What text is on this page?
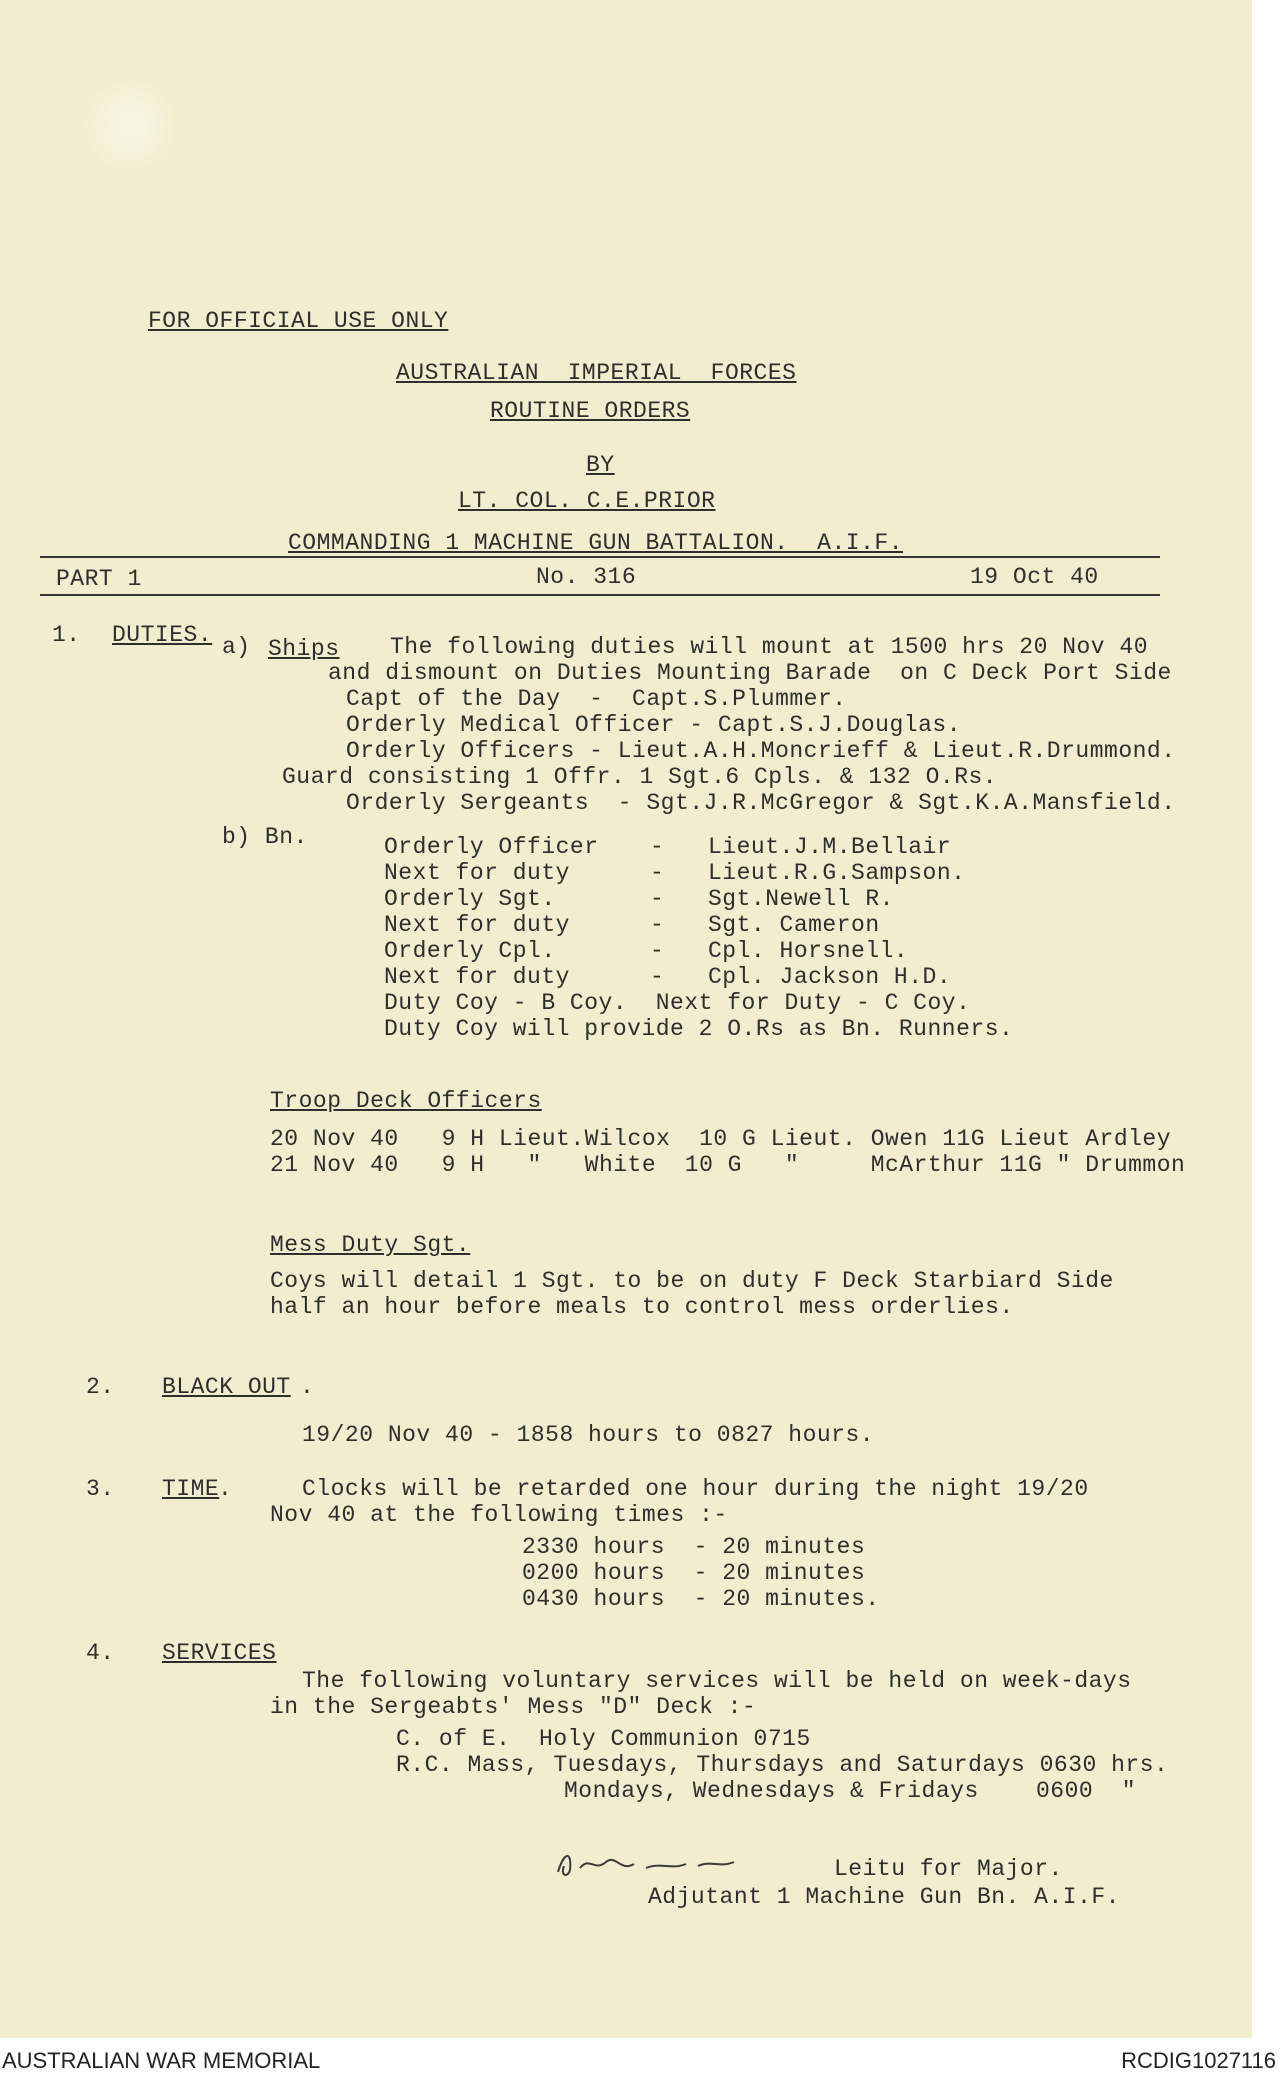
FOR OFFICIAL USE ONLY
AUSTRALIAN  IMPERIAL  FORCES
ROUTINE ORDERS
BY
LT. COL. C.E.PRIOR
COMMANDING 1 MACHINE GUN BATTALION.  A.I.F.
PART 1	No. 316	19 Oct 40
1. DUTIES. a) Ships The following duties will mount at 1500 hrs 20 Nov 40
and dismount on Duties Mounting Barade  on C Deck Port Side
Capt of the Day  -  Capt.S.Plummer.
Orderly Medical Officer - Capt.S.J.Douglas.
Orderly Officers - Lieut.A.H.Moncrieff & Lieut.R.Drummond.
Guard consisting 1 Offr. 1 Sgt.6 Cpls. & 132 O.Rs.
Orderly Sergeants  - Sgt.J.R.McGregor & Sgt.K.A.Mansfield.
b) Bn.	Orderly Officer - Lieut.J.M.Bellair
Next for duty	- Lieut.R.G.Sampson.
Orderly Sgt.	- Sgt.Newell R.
Next for duty	- Sgt. Cameron
Orderly Cpl.	- Cpl. Horsnell.
Next for duty	- Cpl. Jackson H.D.
Duty Coy - B Coy.  Next for Duty - C Coy.
Duty Coy will provide 2 O.Rs as Bn. Runners.
Troop Deck Officers
20 Nov 40   9 H Lieut.Wilcox  10 G Lieut. Owen 11G Lieut Ardley
21 Nov 40   9 H   "   White  10 G   "     McArthur 11G " Drummon
Mess Duty Sgt.
Coys will detail 1 Sgt. to be on duty F Deck Starbiard Side
half an hour before meals to control mess orderlies.
2. BLACK OUT .
19/20 Nov 40 - 1858 hours to 0827 hours.
3. TIME
.	Clocks will be retarded one hour during the night 19/20
Nov 40 at the following times :-
2330 hours  - 20 minutes
0200 hours  - 20 minutes
0430 hours  - 20 minutes.
4. SERVICES
The following voluntary services will be held on week-days
in the Sergeabts' Mess "D" Deck :-
C. of E.  Holy Communion 0715
R.C. Mass, Tuesdays, Thursdays and Saturdays 0630 hrs.
Mondays, Wednesdays & Fridays    0600  "
Leitu for Major.
Adjutant 1 Machine Gun Bn. A.I.F.
AUSTRALIAN WAR MEMORIAL	RCDIG1027116
